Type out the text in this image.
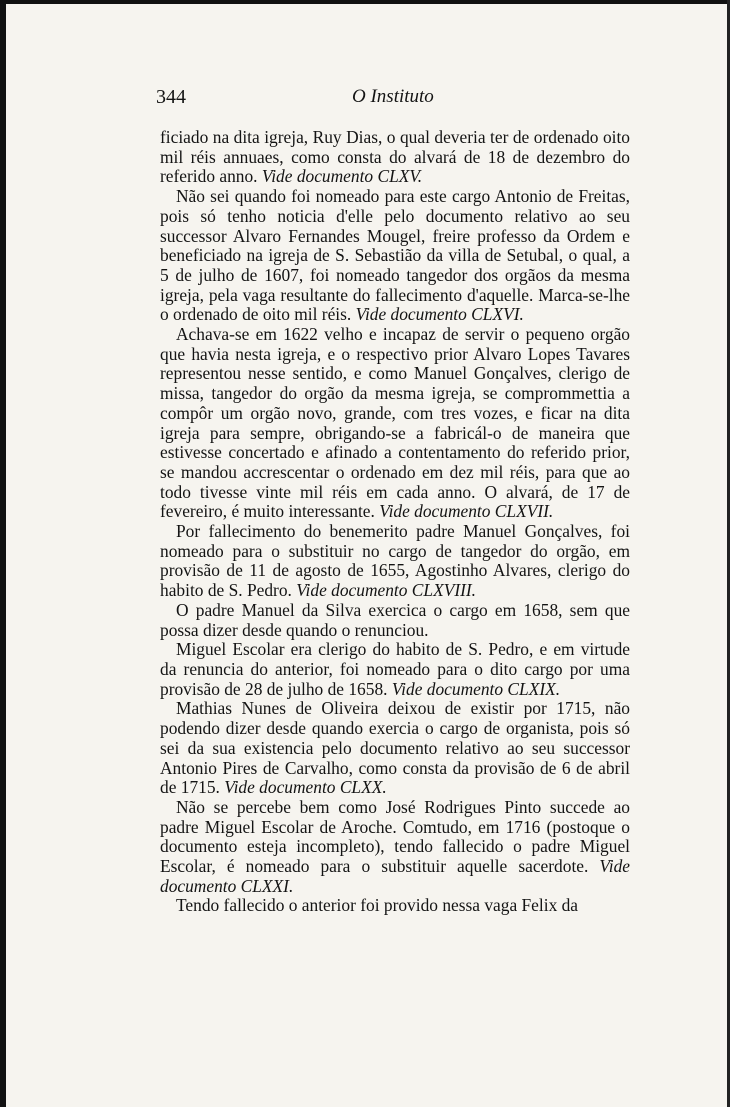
344	O Instituto

ficiado na dita igreja, Ruy Dias, o qual deveria ter de ordenado oito mil réis annuaes, como consta do alvará de 18 de dezembro do referido anno. Vide documento CLXV.

Não sei quando foi nomeado para este cargo Antonio de Freitas, pois só tenho noticia d'elle pelo documento relativo ao seu successor Alvaro Fernandes Mougel, freire professo da Ordem e beneficiado na igreja de S. Sebastião da villa de Setubal, o qual, a 5 de julho de 1607, foi nomeado tangedor dos orgãos da mesma igreja, pela vaga resultante do fallecimento d'aquelle. Marca-se-lhe o ordenado de oito mil réis. Vide documento CLXVI.

Achava-se em 1622 velho e incapaz de servir o pequeno orgão que havia nesta igreja, e o respectivo prior Alvaro Lopes Tavares representou nesse sentido, e como Manuel Gonçalves, clerigo de missa, tangedor do orgão da mesma igreja, se comprommettia a compôr um orgão novo, grande, com tres vozes, e ficar na dita igreja para sempre, obrigando-se a fabricál-o de maneira que estivesse concertado e afinado a contentamento do referido prior, se mandou accrescentar o ordenado em dez mil réis, para que ao todo tivesse vinte mil réis em cada anno. O alvará, de 17 de fevereiro, é muito interessante. Vide documento CLXVII.

Por fallecimento do benemerito padre Manuel Gonçalves, foi nomeado para o substituir no cargo de tangedor do orgão, em provisão de 11 de agosto de 1655, Agostinho Alvares, clerigo do habito de S. Pedro. Vide documento CLXVIII.

O padre Manuel da Silva exercica o cargo em 1658, sem que possa dizer desde quando o renunciou.

Miguel Escolar era clerigo do habito de S. Pedro, e em virtude da renuncia do anterior, foi nomeado para o dito cargo por uma provisão de 28 de julho de 1658. Vide documento CLXIX.

Mathias Nunes de Oliveira deixou de existir por 1715, não podendo dizer desde quando exercia o cargo de organista, pois só sei da sua existencia pelo documento relativo ao seu successor Antonio Pires de Carvalho, como consta da provisão de 6 de abril de 1715. Vide documento CLXX.

Não se percebe bem como José Rodrigues Pinto succede ao padre Miguel Escolar de Aroche. Comtudo, em 1716 (postoque o documento esteja incompleto), tendo fallecido o padre Miguel Escolar, é nomeado para o substituir aquelle sacerdote. Vide documento CLXXI.

Tendo fallecido o anterior foi provido nessa vaga Felix da
